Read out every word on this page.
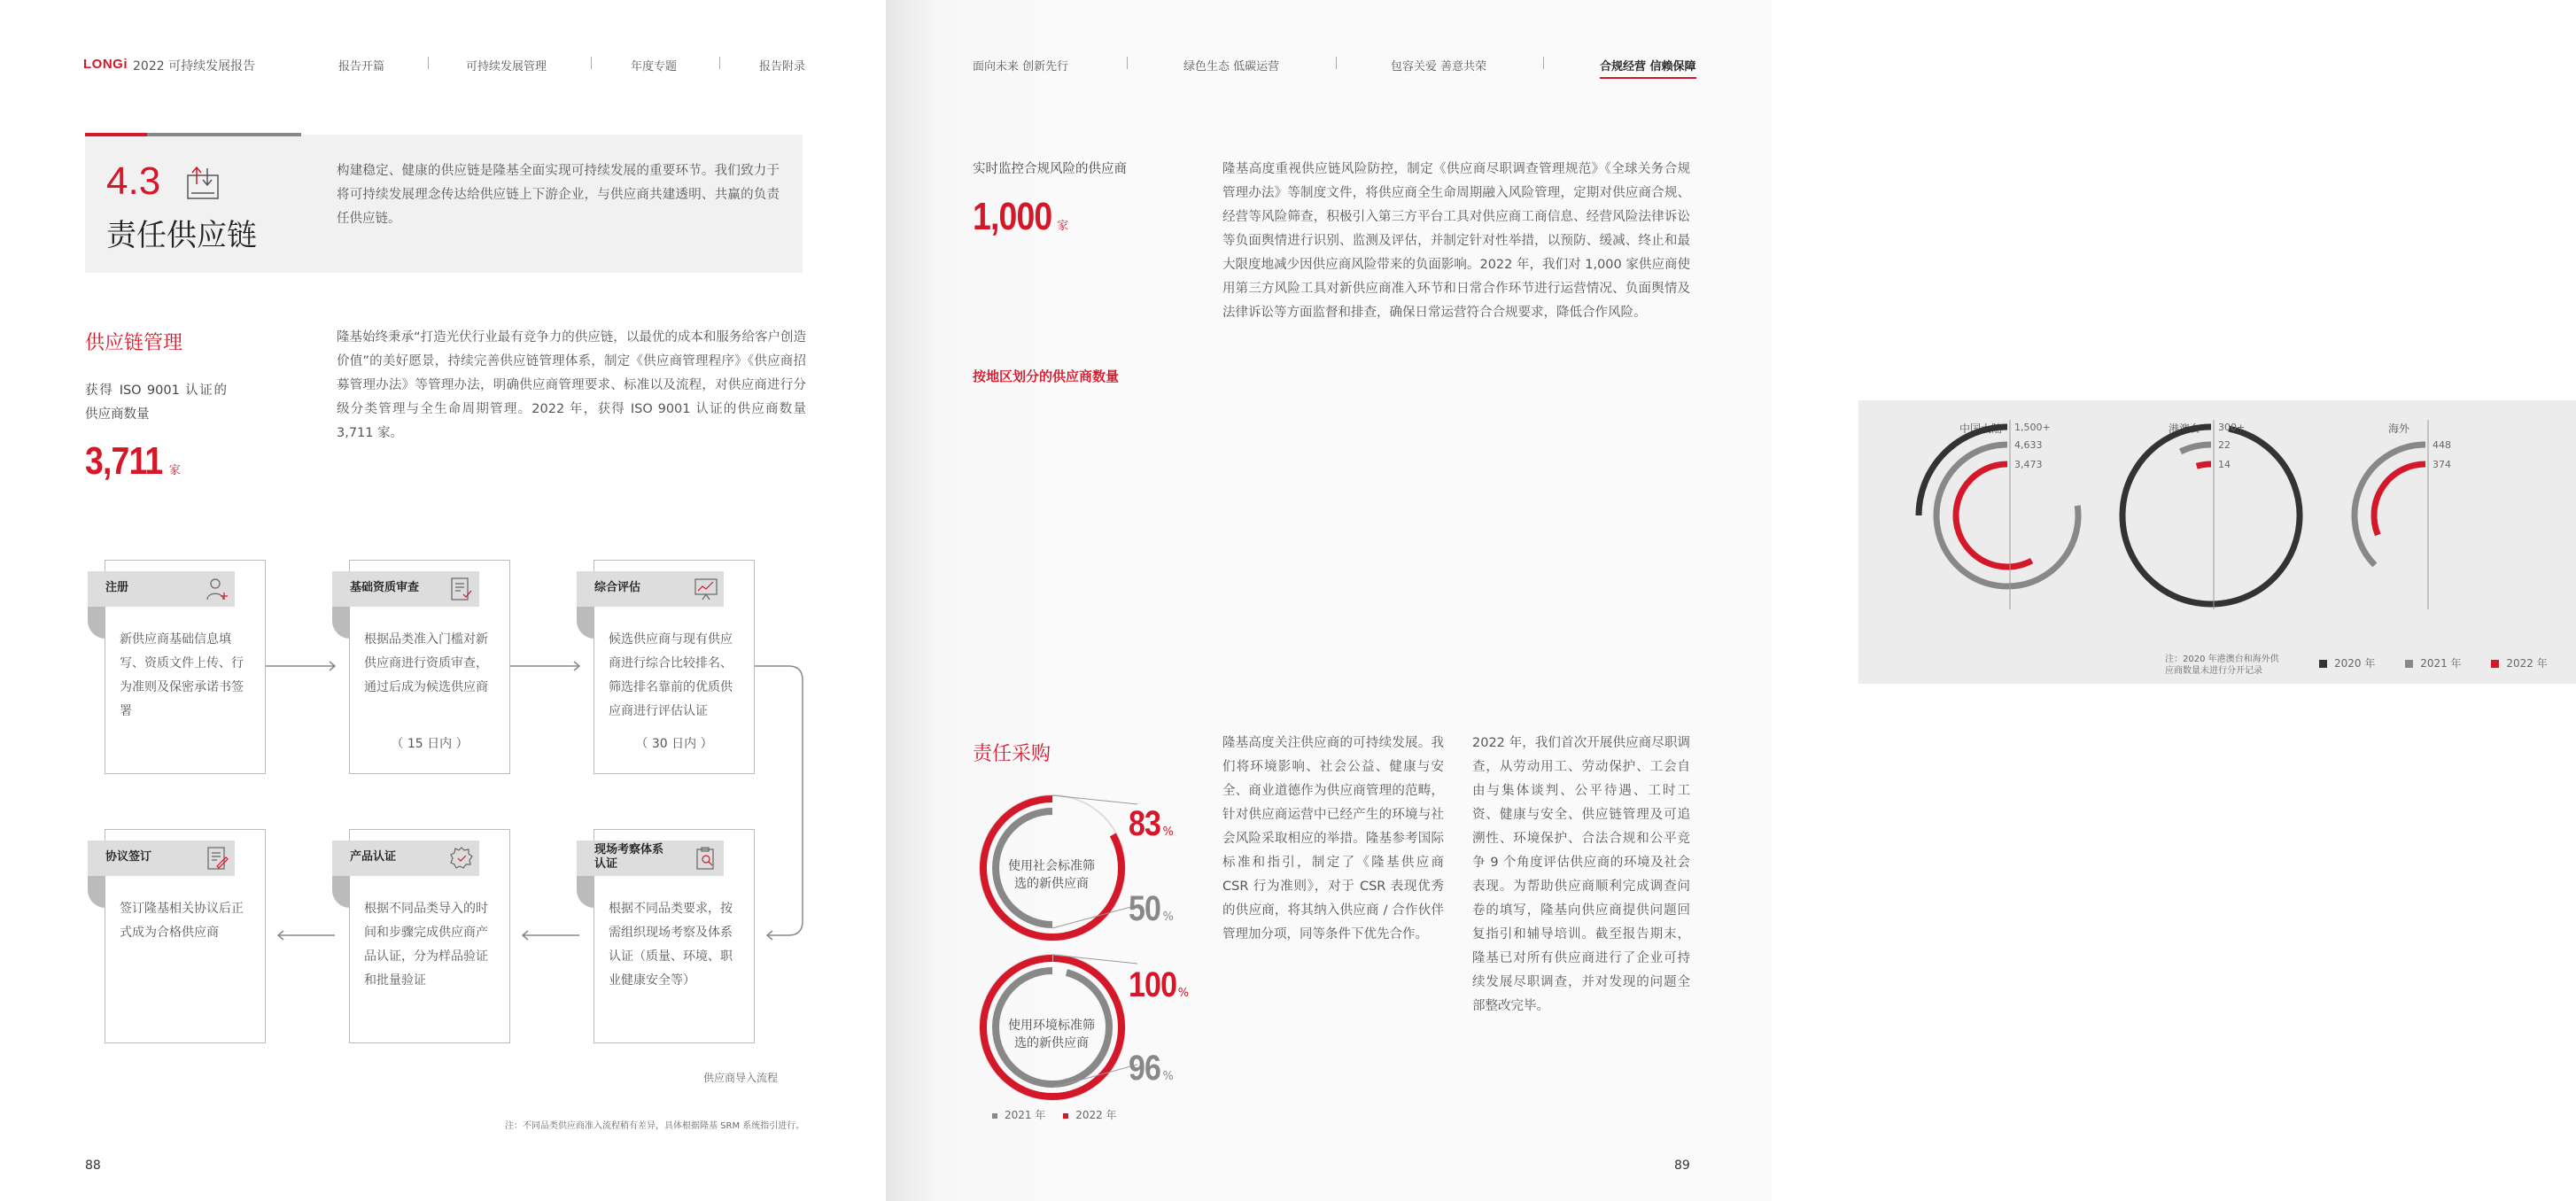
LONGi 2022 可持续发展报告	报告开篇	可持续发展管理	年度专题	报告附录
4.3
责任供应链
构建稳定、健康的供应链是隆基全面实现可持续发展的重要环节。我们致力于将可持续发展理念传达给供应链上下游企业，与供应商共建透明、共赢的负责任供应链。
供应链管理
获得 ISO 9001 认证的供应商数量
3,711 家
隆基始终秉承“打造光伏行业最有竞争力的供应链，以最优的成本和服务给客户创造价值”的美好愿景，持续完善供应链管理体系，制定《供应商管理程序》《供应商招募管理办法》等管理办法，明确供应商管理要求、标准以及流程，对供应商进行分级分类管理与全生命周期管理。2022 年，获得 ISO 9001 认证的供应商数量 3,711 家。
注册
新供应商基础信息填写、资质文件上传、行为准则及保密承诺书签署
基础资质审查
根据品类准入门槛对新供应商进行资质审查，通过后成为候选供应商
（ 15 日内 ）
综合评估
候选供应商与现有供应商进行综合比较排名、筛选排名靠前的优质供应商进行评估认证
（ 30 日内 ）
协议签订
签订隆基相关协议后正式成为合格供应商
产品认证
根据不同品类导入的时间和步骤完成供应商产品认证，分为样品验证和批量验证
现场考察体系认证
根据不同品类要求，按需组织现场考察及体系认证（质量、环境、职业健康安全等）
供应商导入流程
注：不同品类供应商准入流程稍有差异，具体根据隆基 SRM 系统指引进行。
88
面向未来 创新先行	绿色生态 低碳运营	包容关爱 善意共荣	合规经营 信赖保障
实时监控合规风险的供应商
1,000 家
隆基高度重视供应链风险防控，制定《供应商尽职调查管理规范》《全球关务合规管理办法》等制度文件，将供应商全生命周期融入风险管理，定期对供应商合规、经营等风险筛查，积极引入第三方平台工具对供应商工商信息、经营风险法律诉讼等负面舆情进行识别、监测及评估，并制定针对性举措，以预防、缓减、终止和最大限度地减少因供应商风险带来的负面影响。2022 年，我们对 1,000 家供应商使用第三方风险工具对新供应商准入环节和日常合作环节进行运营情况、负面舆情及法律诉讼等方面监督和排查，确保日常运营符合合规要求，降低合作风险。
按地区划分的供应商数量
中国大陆 1,500+
4,633
3,473
港澳台 300+
22
14
海外
448
374
注：2020 年港澳台和海外供应商数量未进行分开记录
2020 年	2021 年	2022 年
责任采购
使用社会标准筛选的新供应商
使用环境标准筛选的新供应商
83 %
50 %
100 %
96 %
2021 年	2022 年
隆基高度关注供应商的可持续发展。我们将环境影响、社会公益、健康与安全、商业道德作为供应商管理的范畴，针对供应商运营中已经产生的环境与社会风险采取相应的举措。隆基参考国际标准和指引，制定了《隆基供应商 CSR 行为准则》，对于 CSR 表现优秀的供应商，将其纳入供应商 / 合作伙伴管理加分项，同等条件下优先合作。
2022 年，我们首次开展供应商尽职调查，从劳动用工、劳动保护、工会自由与集体谈判、公平待遇、工时工资、健康与安全、供应链管理及可追溯性、环境保护、合法合规和公平竞争 9 个角度评估供应商的环境及社会表现。为帮助供应商顺利完成调查问卷的填写，隆基向供应商提供问题回复指引和辅导培训。截至报告期末，隆基已对所有供应商进行了企业可持续发展尽职调查，并对发现的问题全部整改完毕。
89
